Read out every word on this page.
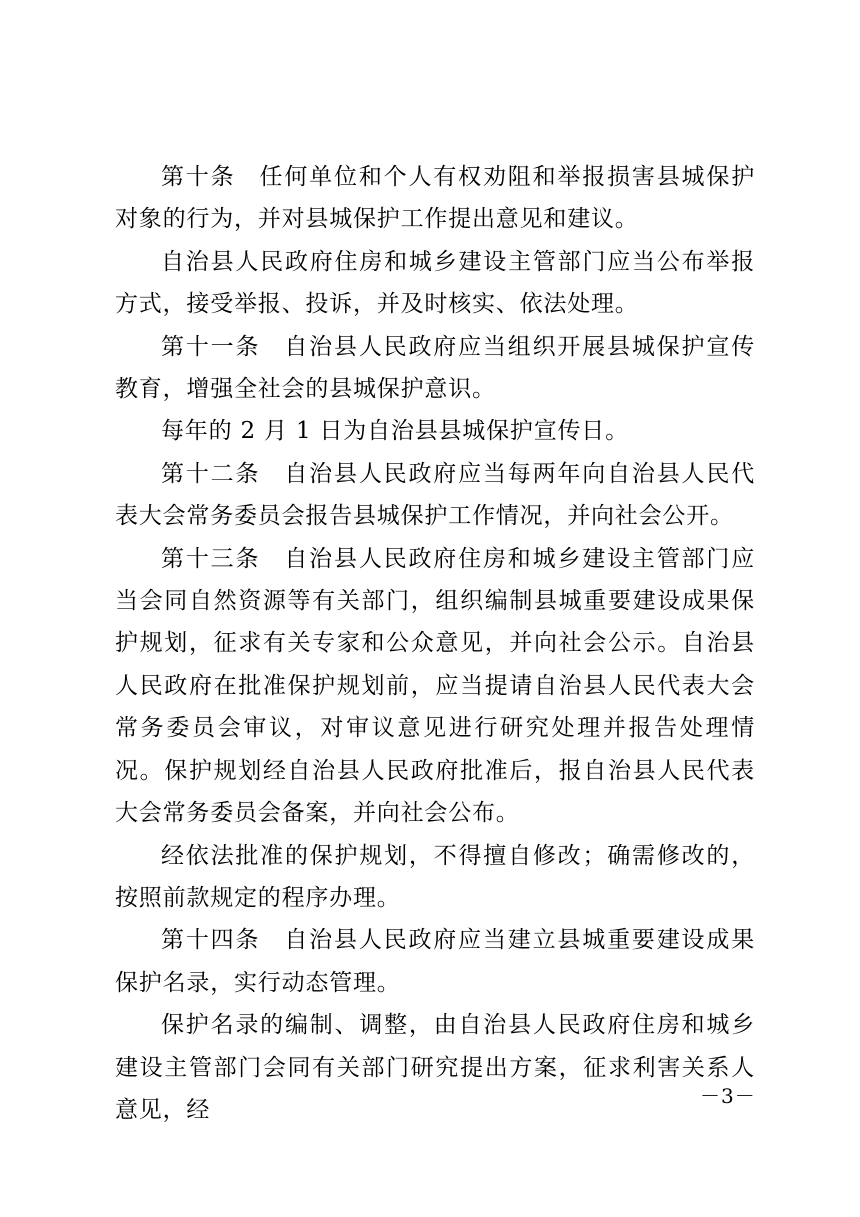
第十条 任何单位和个人有权劝阻和举报损害县城保护对象的行为，并对县城保护工作提出意见和建议。

自治县人民政府住房和城乡建设主管部门应当公布举报方式，接受举报、投诉，并及时核实、依法处理。

第十一条 自治县人民政府应当组织开展县城保护宣传教育，增强全社会的县城保护意识。

每年的 2 月 1 日为自治县县城保护宣传日。

第十二条 自治县人民政府应当每两年向自治县人民代表大会常务委员会报告县城保护工作情况，并向社会公开。

第十三条 自治县人民政府住房和城乡建设主管部门应当会同自然资源等有关部门，组织编制县城重要建设成果保护规划，征求有关专家和公众意见，并向社会公示。自治县人民政府在批准保护规划前，应当提请自治县人民代表大会常务委员会审议，对审议意见进行研究处理并报告处理情况。保护规划经自治县人民政府批准后，报自治县人民代表大会常务委员会备案，并向社会公布。

经依法批准的保护规划，不得擅自修改；确需修改的，按照前款规定的程序办理。

第十四条 自治县人民政府应当建立县城重要建设成果保护名录，实行动态管理。

保护名录的编制、调整，由自治县人民政府住房和城乡建设主管部门会同有关部门研究提出方案，征求利害关系人意见，经

－3－
